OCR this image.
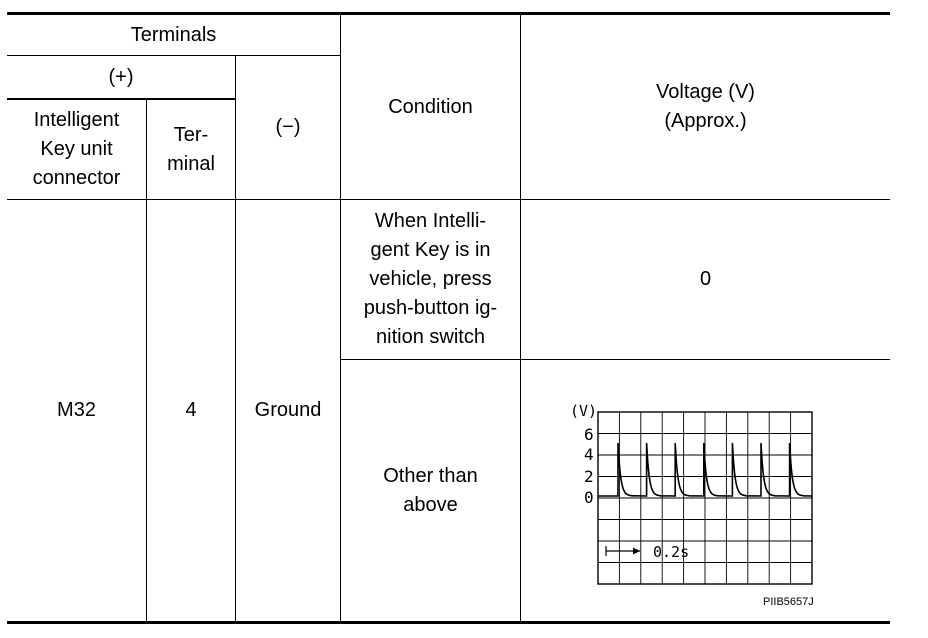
Terminals
(+)
Intelligent
Key unit
connector
Ter-
minal
(−)
Condition
Voltage (V)
(Approx.)
M32	4	Ground
When Intelli-
gent Key is in
vehicle, press
push-button ig-
nition switch
0
Other than
above
(V)
6
4
2
0
0.2s
PIIB5657J
